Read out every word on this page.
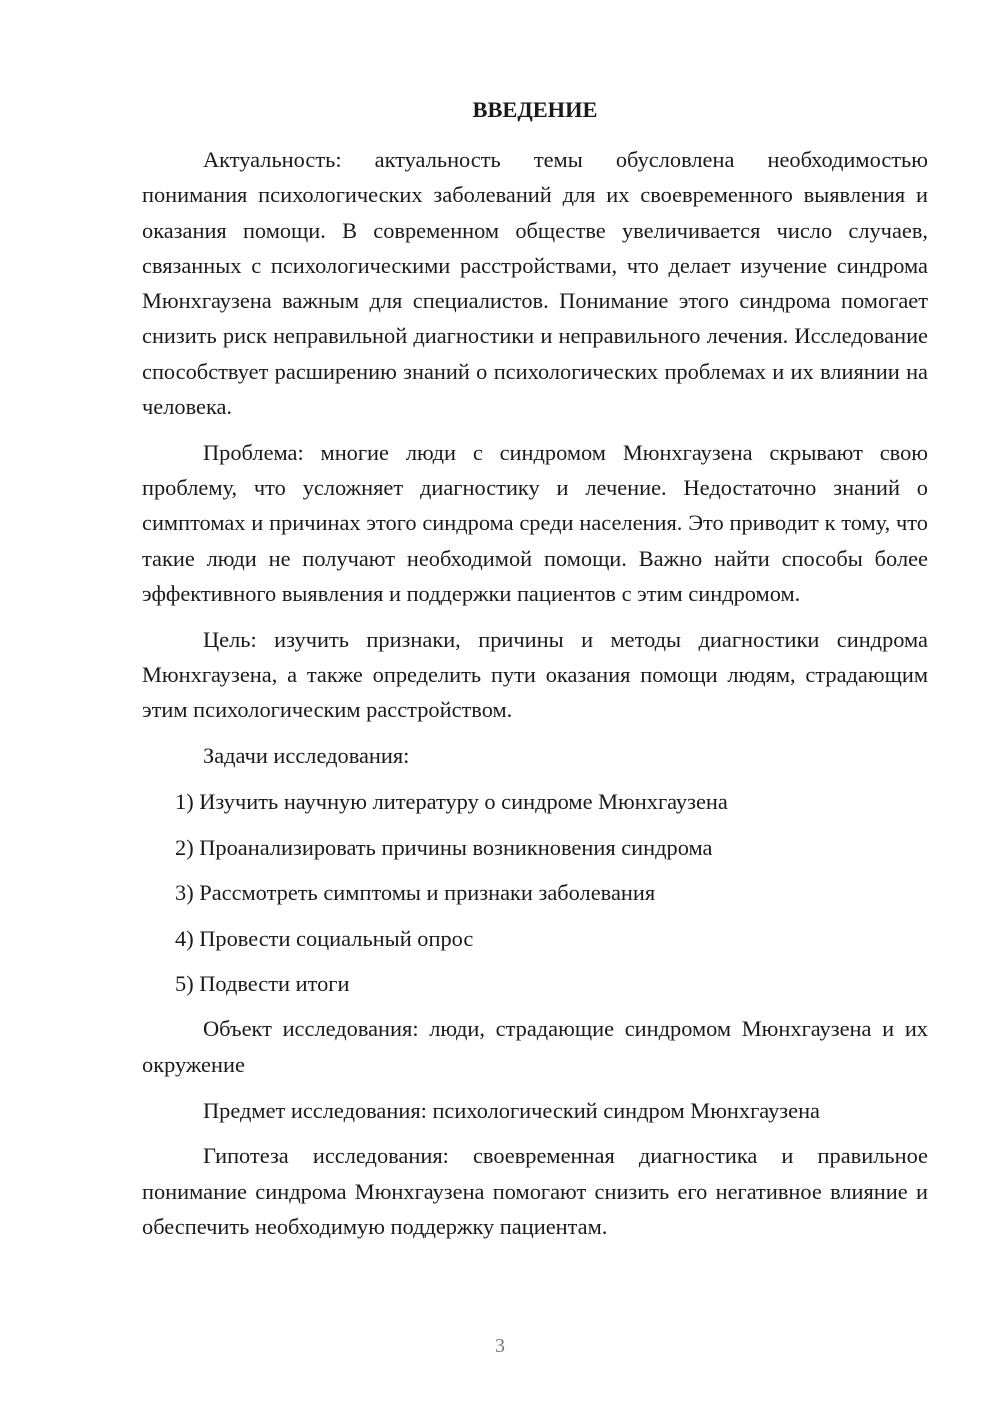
ВВЕДЕНИЕ

Актуальность: актуальность темы обусловлена необходимостью понимания психологических заболеваний для их своевременного выявления и оказания помощи. В современном обществе увеличивается число случаев, связанных с психологическими расстройствами, что делает изучение синдрома Мюнхгаузена важным для специалистов. Понимание этого синдрома помогает снизить риск неправильной диагностики и неправильного лечения. Исследование способствует расширению знаний о психологических проблемах и их влиянии на человека.

Проблема: многие люди с синдромом Мюнхгаузена скрывают свою проблему, что усложняет диагностику и лечение. Недостаточно знаний о симптомах и причинах этого синдрома среди населения. Это приводит к тому, что такие люди не получают необходимой помощи. Важно найти способы более эффективного выявления и поддержки пациентов с этим синдромом.

Цель: изучить признаки, причины и методы диагностики синдрома Мюнхгаузена, а также определить пути оказания помощи людям, страдающим этим психологическим расстройством.

Задачи исследования:

1) Изучить научную литературу о синдроме Мюнхгаузена
2) Проанализировать причины возникновения синдрома
3) Рассмотреть симптомы и признаки заболевания
4) Провести социальный опрос
5) Подвести итоги

Объект исследования: люди, страдающие синдромом Мюнхгаузена и их окружение

Предмет исследования: психологический синдром Мюнхгаузена

Гипотеза исследования: своевременная диагностика и правильное понимание синдрома Мюнхгаузена помогают снизить его негативное влияние и обеспечить необходимую поддержку пациентам.

3
